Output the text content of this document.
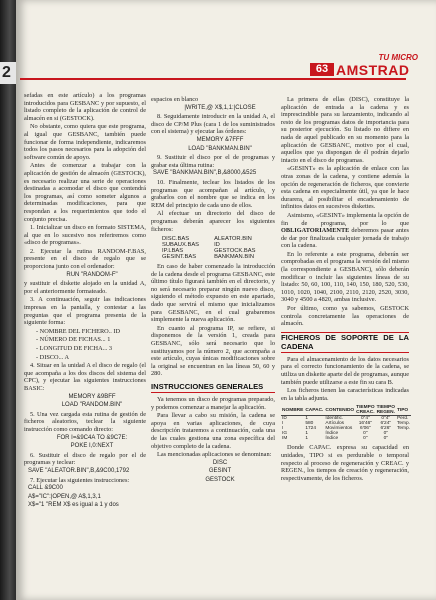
2
TU MICRO
63 AMSTRAD

sefadas en este artículo) a los programas introducidos para GESBANC y por supuesto, el listado completo de la aplicación de control de almacén en si (GESTOCK).

No obstante, como quiera que este programa, al igual que GESBANC, también puede funcionar de forma independiente, indicaremos todos los pasos necesarios para la adopción del software común de apoyo.

Antes de comenzar a trabajar con la aplicación de gestión de almacén (GESTOCK), es necesario realizar una serie de operaciones destinadas a acomodar el disco que contendrá los programas, así como someter algunos a determinadas modificaciones, para que respondan a los requerimientos que todo el conjunto precisa.

1. Inicializar un disco en formato SISTEMA, al que en lo sucesivo nos referiremos como «disco de programas».

2. Ejecutar la rutina RANDOM-F.BAS, presente en el disco de regalo que se proporciona junto con el ordenador:

RUN "RANDOM-F"

y sustituir el diskette alojado en la unidad A, por el anteriormente formateado.

3. A continuación, seguir las indicaciones impresas en la pantalla, y contestar a las preguntas que el programa presenta de la siguiente forma:

- NOMBRE DEL FICHERO.. ID

- NÚMERO DE FICHAS... 1

- LONGITUD DE FICHA... 3

- DISCO... A

4. Situar en la unidad A el disco de regalo (el que acompaña a los dos discos del sistema del CPC), y ejecutar las siguientes instrucciones BASIC:

MEMORY &9BFF

LOAD "RANDOM.BIN"

5. Una vez cargada esta rutina de gestión de ficheros aleatorios, teclear la siguiente instrucción como comando directo:

FOR I=&9C4A TO &9C7E:

POKE I,0:NEXT

6. Sustituir el disco de regalo por el de programas y teclear:

SAVE "ALEATOR.BIN",B,&9C00,1792

7. Ejecutar las siguientes instrucciones:

CALL &9C00

A$="IC":|OPEN,@ A$,1,3,1

X$="1 "REM X$ es igual a 1 y dos

espacios en blanco

|WRITE,@ X$,1,1:|CLOSE

8. Seguidamente introducir en la unidad A, el disco de CP/M Plus (cara 1 de los suministrados con el sistema) y ejecutar las órdenes:

MEMORY &7FFF

LOAD "BANKMAN.BIN"

9. Sustituir el disco por el de programas y grabar esta última rutina:

SAVE "BANKMAN.BIN",B,&8000,&525

10. Finalmente, teclear los listados de los programas que acompañan al artículo, y grabarlos con el nombre que se indica en los REM del principio de cada uno de ellos.

Al efectuar un directorio del disco de programas deberán aparecer los siguientes ficheros:

DISC.BAS	ALEATOR.BIN
SUBAUX.BAS	ID
IP.LBAS	GESTOCK.BAS
GESINT.BAS	BANKMAN.BIN

En caso de haber comenzado la introducción de la cadena desde el programa GESBANC, este último título figurará también en el directorio, y no será necesario preparar ningún nuevo disco, siguiendo el método expuesto en este apartado, dado que servirá el mismo que inicializamos para GESBANC, en el cual grabaremos simplemente la nueva aplicación.

En cuanto al programa IP, se refiere, si disponemos de la versión 1, creada para GESBANC, sólo será necesario que lo sustituyamos por la número 2, que acompaña a este artículo, cuyas únicas modificaciones sobre la original se encuentran en las líneas 50, 60 y 280.

INSTRUCCIONES GENERALES

Ya tenemos un disco de programas preparado, y podemos comenzar a manejar la aplicación.

Para llevar a cabo su misión, la cadena se apoya en varias aplicaciones, de cuya descripción trataremos a continuación, cada una de las cuales gestiona una zona específica del objetivo completo de la cadena.

Las mencionadas aplicaciones se denominan:

DISC

GESINT

GESTOCK

La primera de ellas (DISC), constituye la aplicación de entrada a la cadena y es imprescindible para su lanzamiento, indicando al resto de los programas datos de importancia para su posterior ejecución. Su listado no difiere en nada de aquel publicado en su momento para la aplicación de GESBANC, motivo por el cual, aquellos que ya dispongan de él podrán dejarlo intacto en el disco de programas.

«GESINT» es la aplicación de enlace con las otras zonas de la cadena, y contiene además la opción de regeneración de ficheros, que convierte esta cadena en especialmente útil, ya que le hace durarera, al posibilitar el encadenamiento de infinitos datos en sucesivos diskettes.

Asimismo, «GESINT» implementa la opción de fin de programa, por lo que OBLIGATORIAMENTE deberemos pasar antes de dar por finalizada cualquier jornada de trabajo con la cadena.

En lo referente a este programa, deberán ser comprobadas en el programa la versión del mismo (la correspondiente a GESBANC), sólo deberán modificar o incluir las siguientes líneas de su listado: 50, 60, 100, 110, 140, 150, 180, 520, 530, 1010, 1020, 1040, 2100, 2110, 2120, 2520, 3030, 3040 y 4500 a 4820, ambas inclusive.

Por último, como ya sabemos, GESTOCK controla concretamente las operaciones de almacén.

FICHEROS DE SOPORTE DE LA CADENA

Para el almacenamiento de los datos necesarios para el correcto funcionamiento de la cadena, se utiliza un diskette aparte del de programas, aunque también puede utilizarse a este fin su cara B.

Los ficheros tienen las características indicadas en la tabla adjunta.

NOMBRE	CAPAC.	CONTENIDO	TIEMPO CREAC.	TIEMPO REGEN.	TIPO
ID	1	Identific.	0"4"	0"4"	Perd.
I	580	Artículos	16'46"	6'24"	Temp.
I	1724	Movimientos	6'06"	6'26"	Temp.
IG	1	Índice	0"	0"	
IM	1	Índice	0"	0"	

Donde CAPAC. expresa su capacidad en unidades, TIPO si es perdurable o temporal respecto al proceso de regeneración y CREAC. y REGEN., los tiempos de creación y regeneración, respectivamente, de los ficheros.
